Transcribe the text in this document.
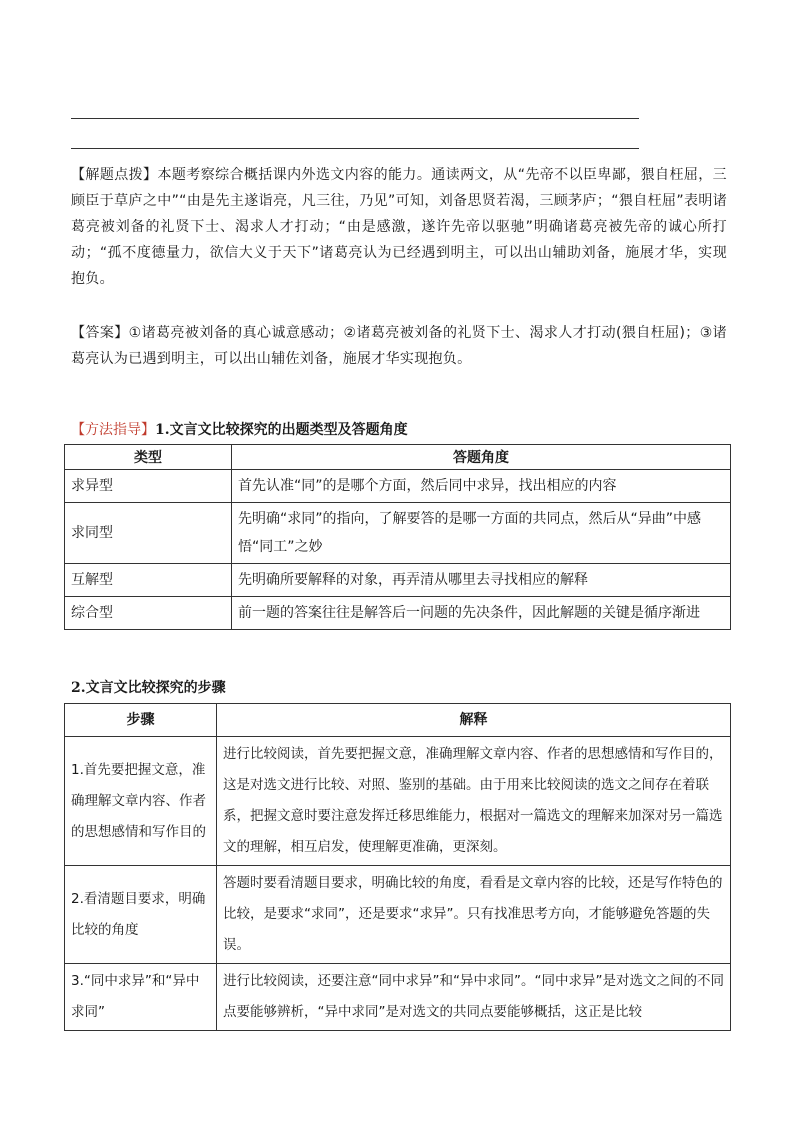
【解题点拨】本题考察综合概括课内外选文内容的能力。通读两文，从“先帝不以臣卑鄙，猥自枉屈，三顾臣于草庐之中”“由是先主遂诣亮，凡三往，乃见”可知，刘备思贤若渴，三顾茅庐；“猥自枉屈”表明诸葛亮被刘备的礼贤下士、渴求人才打动；“由是感激，遂许先帝以驱驰”明确诸葛亮被先帝的诚心所打动；“孤不度德量力，欲信大义于天下”诸葛亮认为已经遇到明主，可以出山辅助刘备，施展才华，实现抱负。
【答案】①诸葛亮被刘备的真心诚意感动；②诸葛亮被刘备的礼贤下士、渴求人才打动(猥自枉屈)；③诸葛亮认为已遇到明主，可以出山辅佐刘备，施展才华实现抱负。
【方法指导】1.文言文比较探究的出题类型及答题角度
类型	答题角度
求异型	首先认准“同”的是哪个方面，然后同中求异，找出相应的内容
求同型	先明确“求同”的指向，了解要答的是哪一方面的共同点，然后从“异曲”中感悟“同工”之妙
互解型	先明确所要解释的对象，再弄清从哪里去寻找相应的解释
综合型	前一题的答案往往是解答后一问题的先决条件，因此解题的关键是循序渐进
2.文言文比较探究的步骤
步骤	解释
1.首先要把握文意，准确理解文章内容、作者的思想感情和写作目的	进行比较阅读，首先要把握文意，准确理解文章内容、作者的思想感情和写作目的，这是对选文进行比较、对照、鉴别的基础。由于用来比较阅读的选文之间存在着联系，把握文意时要注意发挥迁移思维能力，根据对一篇选文的理解来加深对另一篇选文的理解，相互启发，使理解更准确，更深刻。
2.看清题目要求，明确比较的角度	答题时要看清题目要求，明确比较的角度，看看是文章内容的比较，还是写作特色的比较，是要求“求同”，还是要求“求异”。只有找准思考方向，才能够避免答题的失误。
3.“同中求异”和“异中求同”	进行比较阅读，还要注意“同中求异”和“异中求同”。“同中求异”是对选文之间的不同点要能够辨析，“异中求同”是对选文的共同点要能够概括，这正是比较
